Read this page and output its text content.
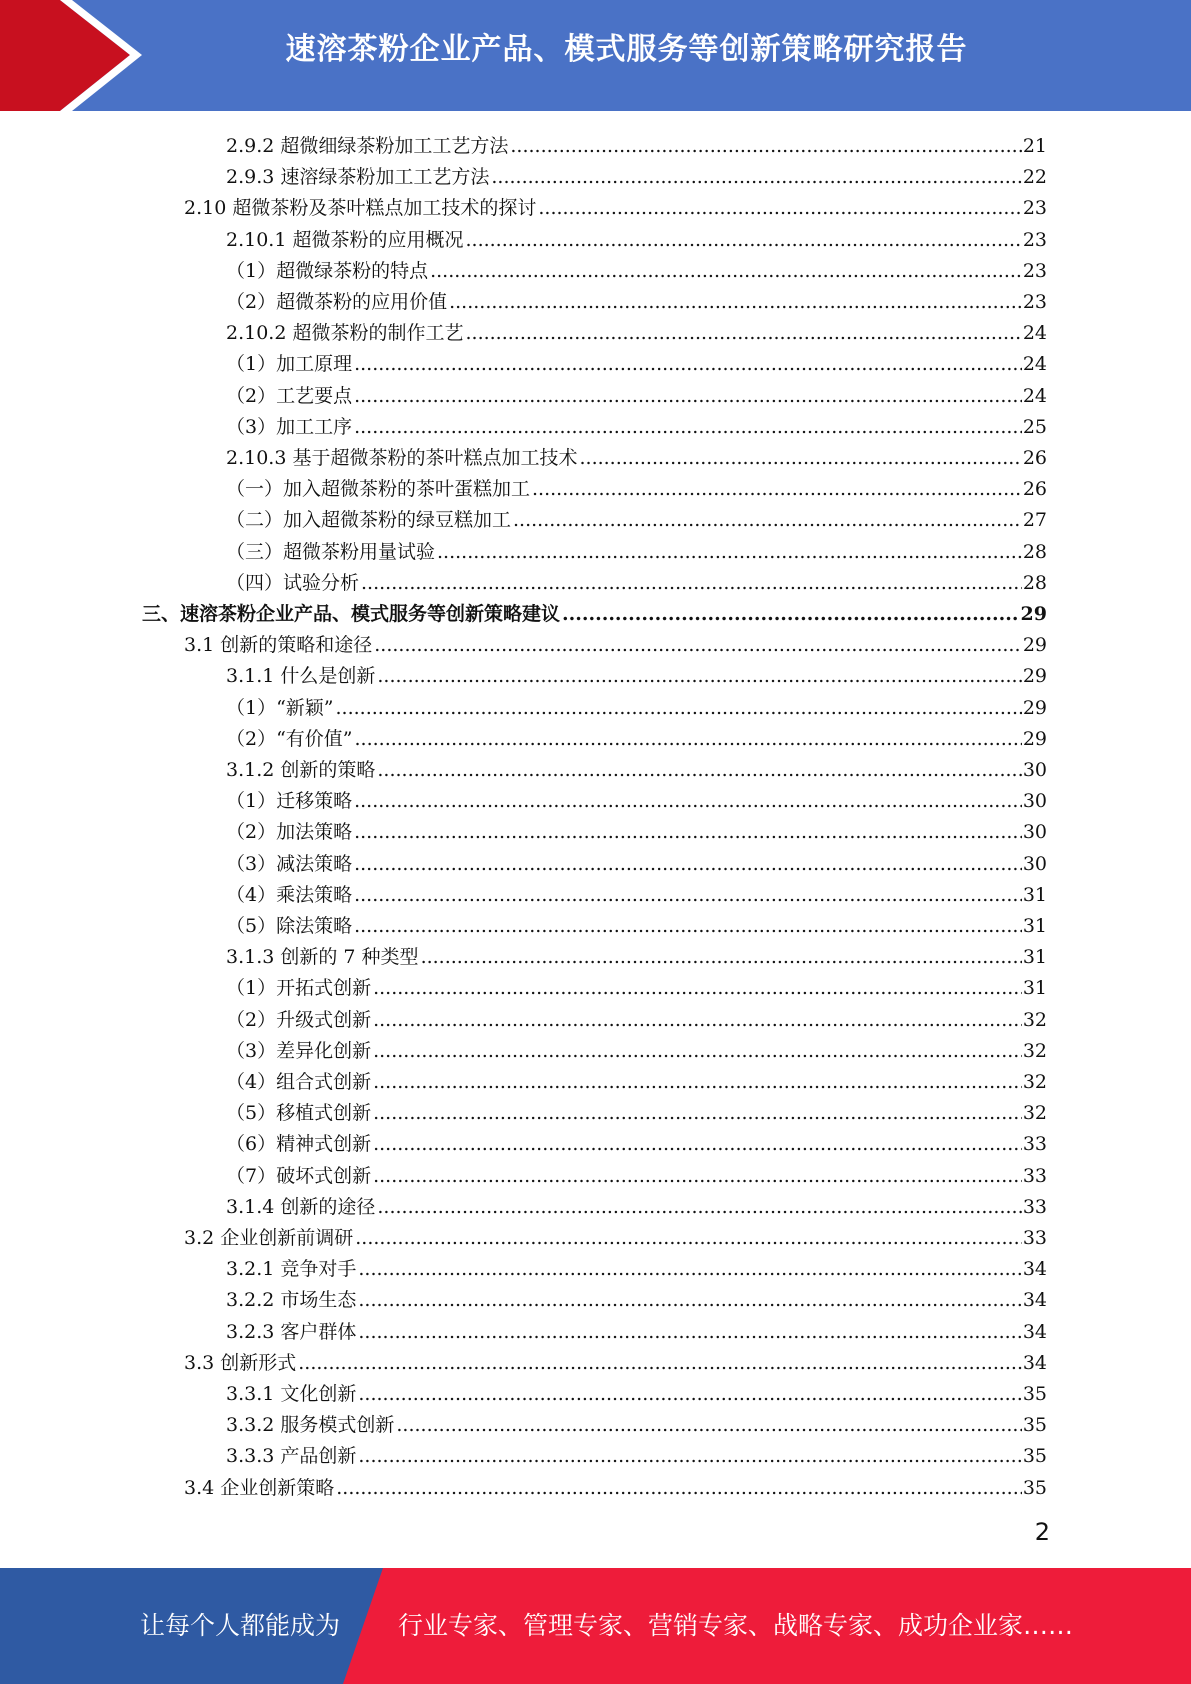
速溶茶粉企业产品、模式服务等创新策略研究报告
2.9.2 超微细绿茶粉加工工艺方法 .....	21
2.9.3 速溶绿茶粉加工工艺方法 .....	22
2.10 超微茶粉及茶叶糕点加工技术的探讨 .....	23
2.10.1 超微茶粉的应用概况 .....	23
（1）超微绿茶粉的特点 .....	23
（2）超微茶粉的应用价值 .....	23
2.10.2 超微茶粉的制作工艺 .....	24
（1）加工原理 .....	24
（2）工艺要点 .....	24
（3）加工工序 .....	25
2.10.3 基于超微茶粉的茶叶糕点加工技术 .....	26
（一）加入超微茶粉的茶叶蛋糕加工 .....	26
（二）加入超微茶粉的绿豆糕加工 .....	27
（三）超微茶粉用量试验 .....	28
（四）试验分析 .....	28
三、速溶茶粉企业产品、模式服务等创新策略建议 .....	29
3.1 创新的策略和途径 .....	29
3.1.1 什么是创新 .....	29
（1）“新颖” .....	29
（2）“有价值” .....	29
3.1.2 创新的策略 .....	30
（1）迁移策略 .....	30
（2）加法策略 .....	30
（3）减法策略 .....	30
（4）乘法策略 .....	31
（5）除法策略 .....	31
3.1.3 创新的 7 种类型 .....	31
（1）开拓式创新 .....	31
（2）升级式创新 .....	32
（3）差异化创新 .....	32
（4）组合式创新 .....	32
（5）移植式创新 .....	32
（6）精神式创新 .....	33
（7）破坏式创新 .....	33
3.1.4 创新的途径 .....	33
3.2 企业创新前调研 .....	33
3.2.1 竞争对手 .....	34
3.2.2 市场生态 .....	34
3.2.3 客户群体 .....	34
3.3 创新形式 .....	34
3.3.1 文化创新 .....	35
3.3.2 服务模式创新 .....	35
3.3.3 产品创新 .....	35
3.4 企业创新策略 .....	35
2
让每个人都能成为 行业专家、管理专家、营销专家、战略专家、成功企业家……
